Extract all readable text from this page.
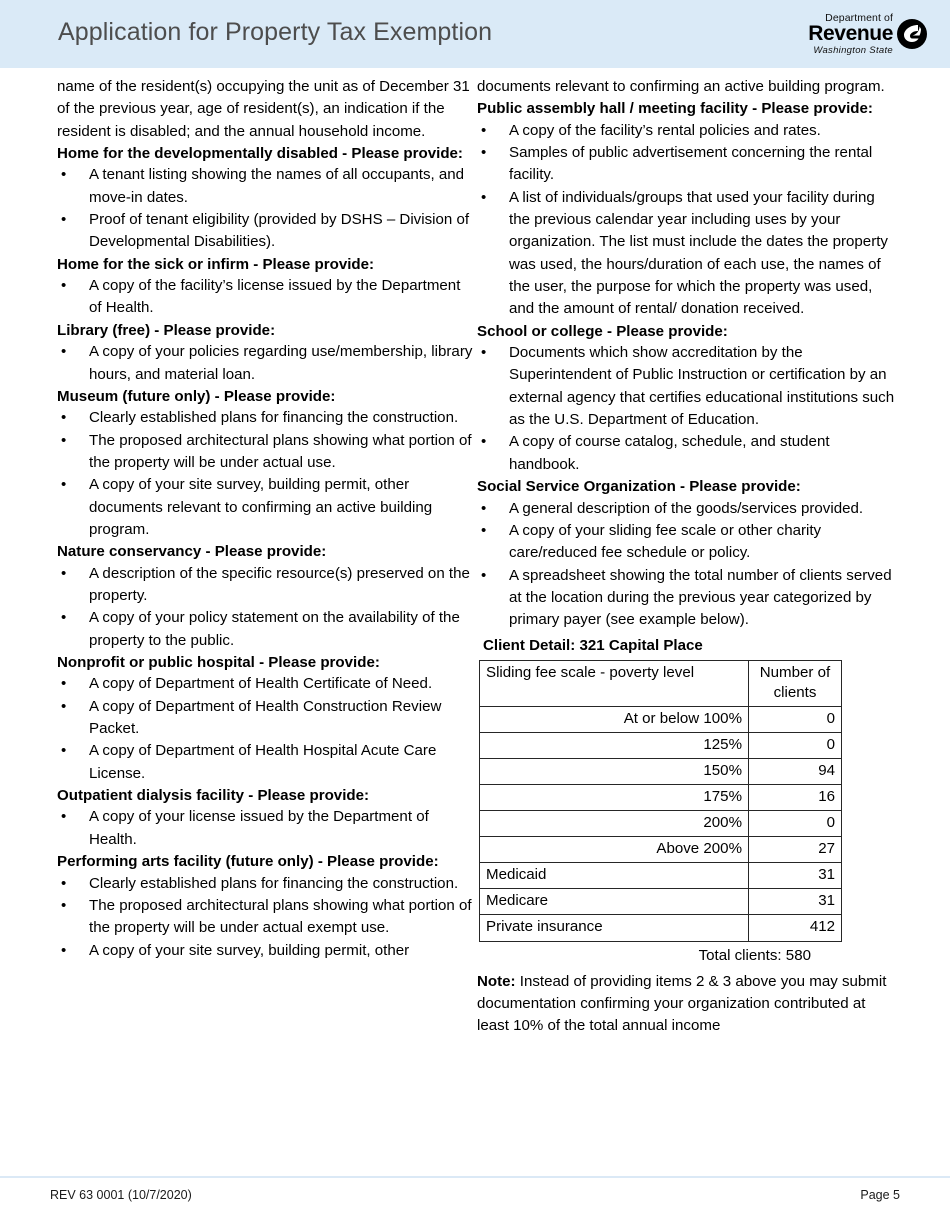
Application for Property Tax Exemption
Department of
Revenue
Washington State

name of the resident(s) occupying the unit as of December 31 of the previous year, age of resident(s), an indication if the resident is disabled; and the annual household income.

Home for the developmentally disabled - Please provide:
• A tenant listing showing the names of all occupants, and move-in dates.
• Proof of tenant eligibility (provided by DSHS – Division of Developmental Disabilities).
Home for the sick or infirm - Please provide:
• A copy of the facility’s license issued by the Department of Health.
Library (free) - Please provide:
• A copy of your policies regarding use/membership, library hours, and material loan.
Museum (future only) - Please provide:
• Clearly established plans for financing the construction.
• The proposed architectural plans showing what portion of the property will be under actual use.
• A copy of your site survey, building permit, other documents relevant to confirming an active building program.
Nature conservancy - Please provide:
• A description of the specific resource(s) preserved on the property.
• A copy of your policy statement on the availability of the property to the public.
Nonprofit or public hospital - Please provide:
• A copy of Department of Health Certificate of Need.
• A copy of Department of Health Construction Review Packet.
• A copy of Department of Health Hospital Acute Care License.
Outpatient dialysis facility - Please provide:
• A copy of your license issued by the Department of Health.
Performing arts facility (future only) - Please provide:
• Clearly established plans for financing the construction.
• The proposed architectural plans showing what portion of the property will be under actual exempt use.
• A copy of your site survey, building permit, other

documents relevant to confirming an active building program.

Public assembly hall / meeting facility - Please provide:
• A copy of the facility’s rental policies and rates.
• Samples of public advertisement concerning the rental facility.
• A list of individuals/groups that used your facility during the previous calendar year including uses by your organization. The list must include the dates the property was used, the hours/duration of each use, the names of the user, the purpose for which the property was used, and the amount of rental/ donation received.
School or college - Please provide:
• Documents which show accreditation by the Superintendent of Public Instruction or certification by an external agency that certifies educational institutions such as the U.S. Department of Education.
• A copy of course catalog, schedule, and student handbook.
Social Service Organization - Please provide:
• A general description of the goods/services provided.
• A copy of your sliding fee scale or other charity care/reduced fee schedule or policy.
• A spreadsheet showing the total number of clients served at the location during the previous year categorized by primary payer (see example below).
Client Detail: 321 Capital Place
Sliding fee scale - poverty level	Number of clients
At or below 100%	0
125%	0
150%	94
175%	16
200%	0
Above 200%	27
Medicaid	31
Medicare	31
Private insurance	412
Total clients: 580
Note: Instead of providing items 2 & 3 above you may submit documentation confirming your organization contributed at least 10% of the total annual income
REV 63 0001 (10/7/2020)	Page 5
